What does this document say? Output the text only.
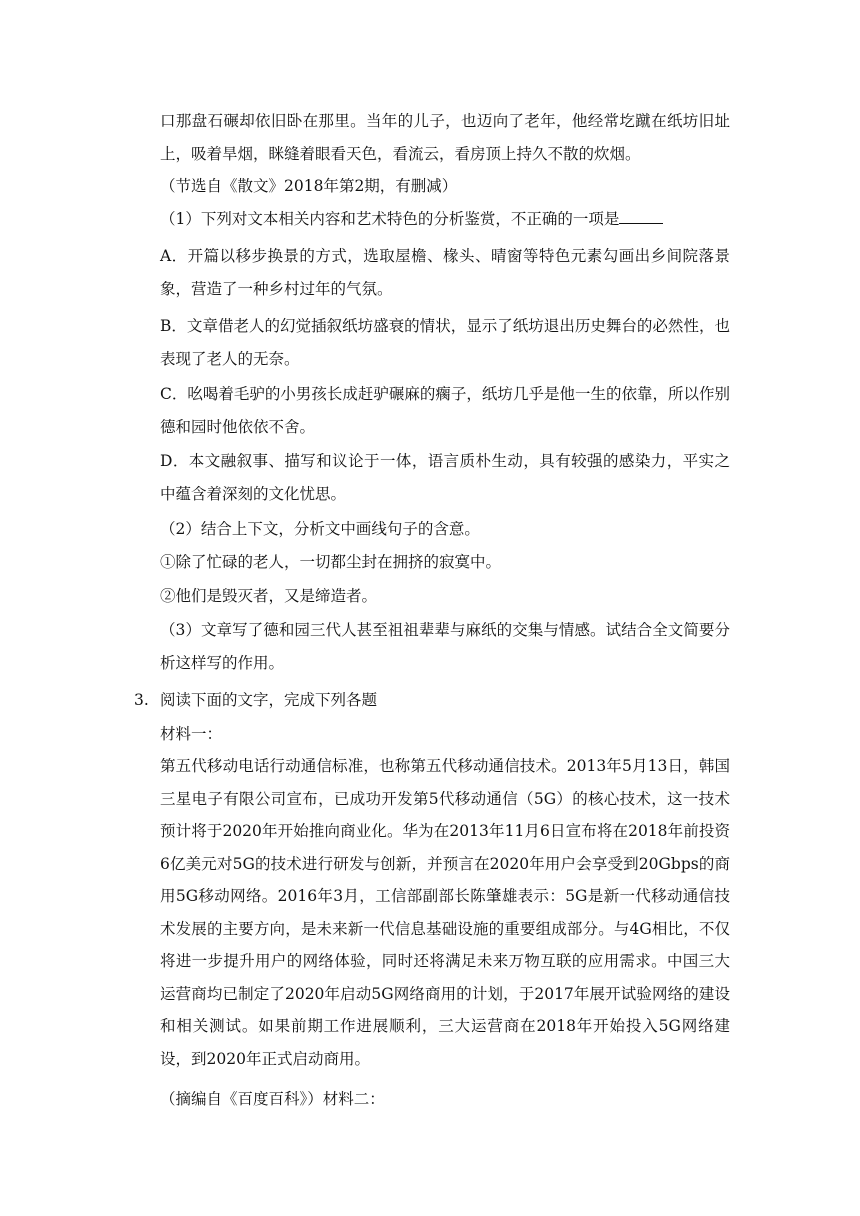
口那盘石碾却依旧卧在那里。当年的儿子，也迈向了老年，他经常圪蹴在纸坊旧址上，吸着旱烟，眯缝着眼看天色，看流云，看房顶上持久不散的炊烟。
（节选自《散文》2018年第2期，有删减）
（1）下列对文本相关内容和艺术特色的分析鉴赏，不正确的一项是
A．开篇以移步换景的方式，选取屋檐、椽头、晴窗等特色元素勾画出乡间院落景象，营造了一种乡村过年的气氛。
B．文章借老人的幻觉插叙纸坊盛衰的情状，显示了纸坊退出历史舞台的必然性，也表现了老人的无奈。
C．吆喝着毛驴的小男孩长成赶驴碾麻的瘸子，纸坊几乎是他一生的依靠，所以作别德和园时他依依不舍。
D．本文融叙事、描写和议论于一体，语言质朴生动，具有较强的感染力，平实之中蕴含着深刻的文化忧思。
（2）结合上下文，分析文中画线句子的含意。
①除了忙碌的老人，一切都尘封在拥挤的寂寞中。
②他们是毁灭者，又是缔造者。
（3）文章写了德和园三代人甚至祖祖辈辈与麻纸的交集与情感。试结合全文简要分析这样写的作用。
3. 阅读下面的文字，完成下列各题
材料一：
第五代移动电话行动通信标准，也称第五代移动通信技术。2013年5月13日，韩国三星电子有限公司宣布，已成功开发第5代移动通信（5G）的核心技术，这一技术预计将于2020年开始推向商业化。华为在2013年11月6日宣布将在2018年前投资6亿美元对5G的技术进行研发与创新，并预言在2020年用户会享受到20Gbps的商用5G移动网络。2016年3月，工信部副部长陈肇雄表示：5G是新一代移动通信技术发展的主要方向，是未来新一代信息基础设施的重要组成部分。与4G相比，不仅将进一步提升用户的网络体验，同时还将满足未来万物互联的应用需求。中国三大运营商均已制定了2020年启动5G网络商用的计划，于2017年展开试验网络的建设和相关测试。如果前期工作进展顺利，三大运营商在2018年开始投入5G网络建设，到2020年正式启动商用。
（摘编自《百度百科》）材料二：
